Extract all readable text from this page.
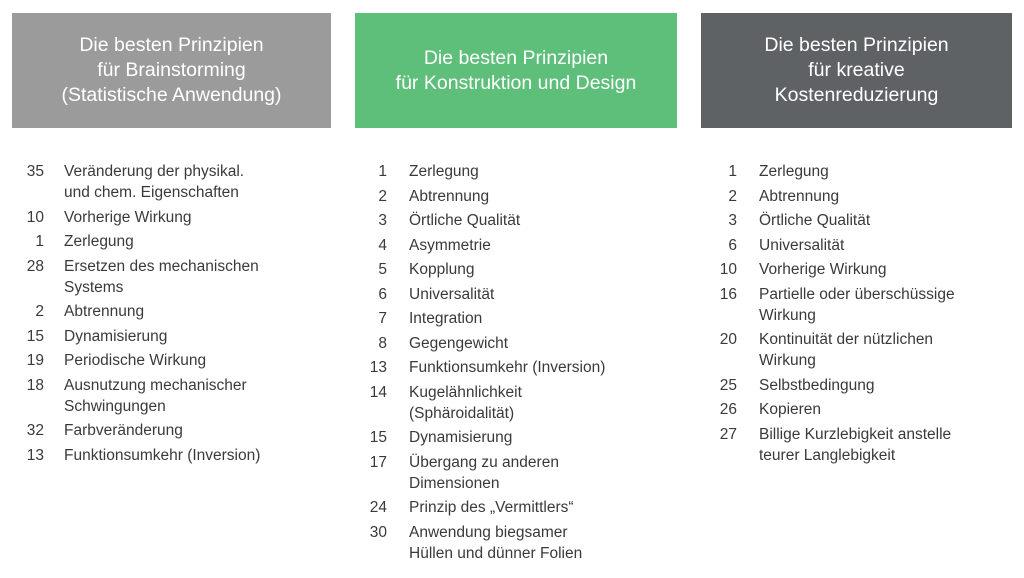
Die besten Prinzipien
für Brainstorming
(Statistische Anwendung)
35 Veränderung der physikal.
und chem. Eigenschaften
10 Vorherige Wirkung
1 Zerlegung
28 Ersetzen des mechanischen
Systems
2 Abtrennung
15 Dynamisierung
19 Periodische Wirkung
18 Ausnutzung mechanischer
Schwingungen
32 Farbveränderung
13 Funktionsumkehr (Inversion)
Die besten Prinzipien
für Konstruktion und Design
1 Zerlegung
2 Abtrennung
3 Örtliche Qualität
4 Asymmetrie
5 Kopplung
6 Universalität
7 Integration
8 Gegengewicht
13 Funktionsumkehr (Inversion)
14 Kugelähnlichkeit
(Sphäroidalität)
15 Dynamisierung
17 Übergang zu anderen
Dimensionen
24 Prinzip des „Vermittlers“
30 Anwendung biegsamer
Hüllen und dünner Folien
Die besten Prinzipien
für kreative
Kostenreduzierung
1 Zerlegung
2 Abtrennung
3 Örtliche Qualität
6 Universalität
10 Vorherige Wirkung
16 Partielle oder überschüssige
Wirkung
20 Kontinuität der nützlichen
Wirkung
25 Selbstbedingung
26 Kopieren
27 Billige Kurzlebigkeit anstelle
teurer Langlebigkeit
